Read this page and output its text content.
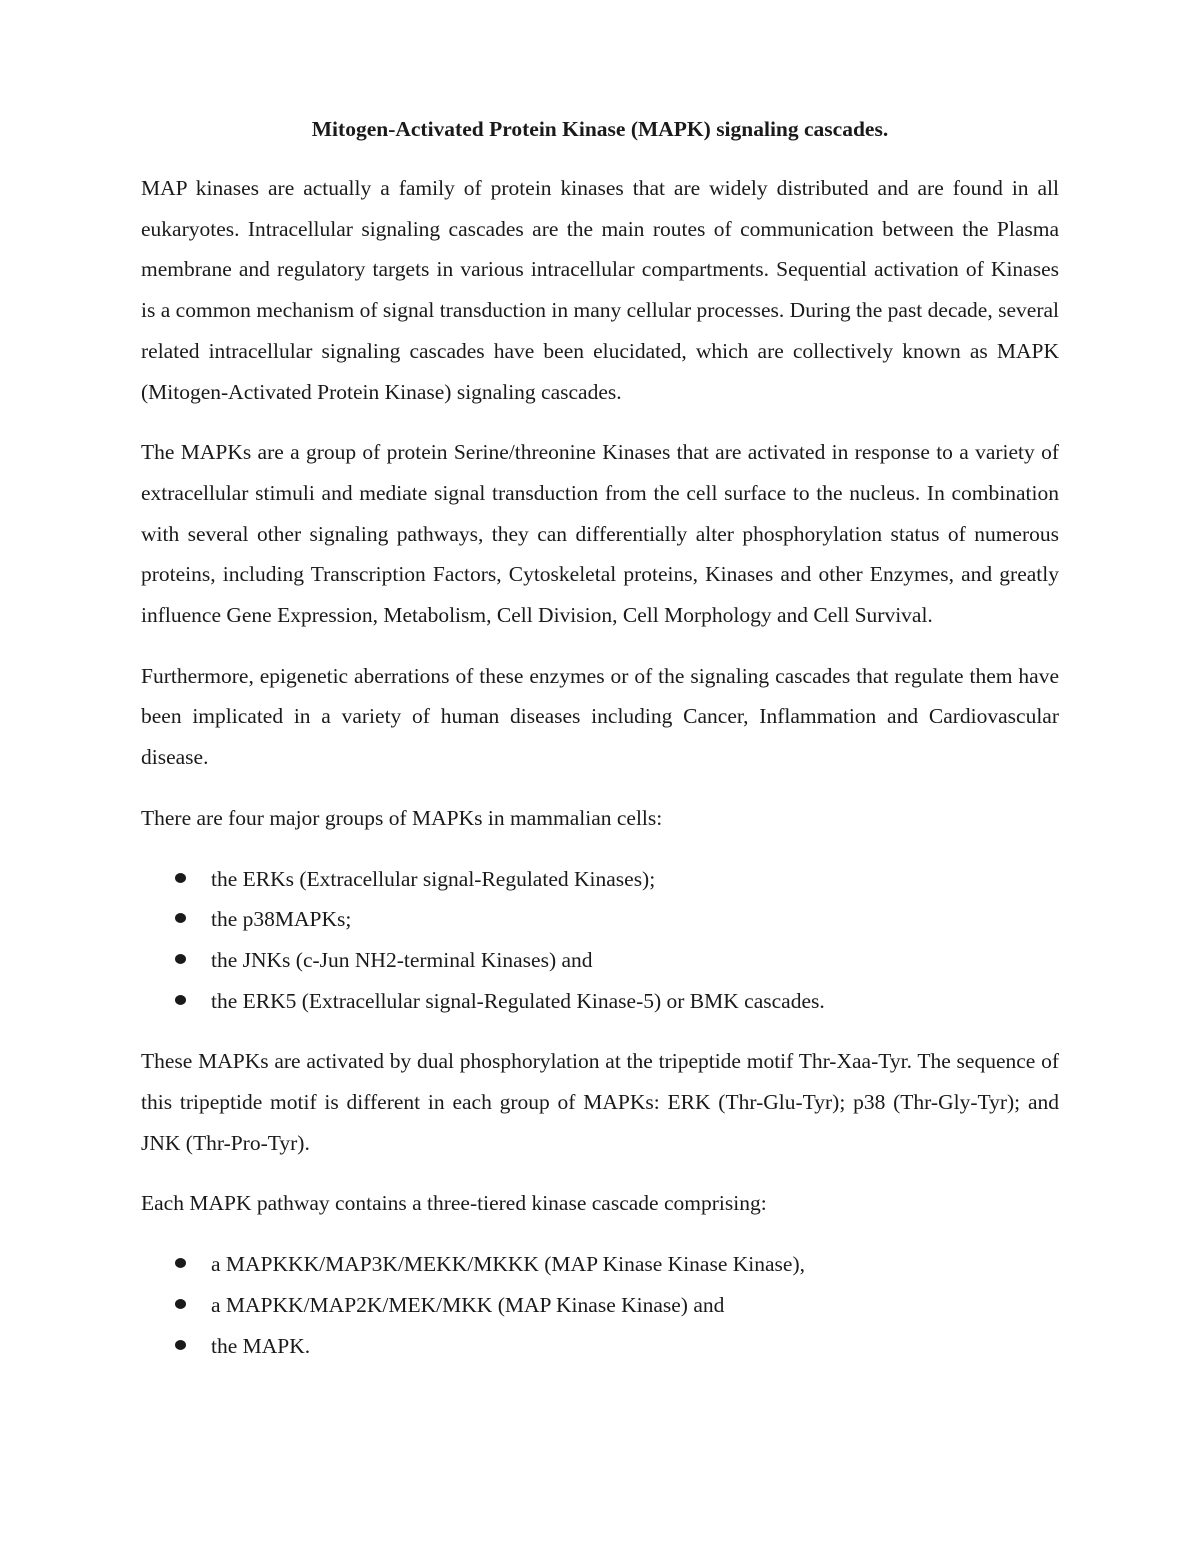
Mitogen-Activated Protein Kinase (MAPK) signaling cascades.

MAP kinases are actually a family of protein kinases that are widely distributed and are found in all eukaryotes. Intracellular signaling cascades are the main routes of communication between the Plasma membrane and regulatory targets in various intracellular compartments. Sequential activation of Kinases is a common mechanism of signal transduction in many cellular processes. During the past decade, several related intracellular signaling cascades have been elucidated, which are collectively known as MAPK (Mitogen-Activated Protein Kinase) signaling cascades.

The MAPKs are a group of protein Serine/threonine Kinases that are activated in response to a variety of extracellular stimuli and mediate signal transduction from the cell surface to the nucleus. In combination with several other signaling pathways, they can differentially alter phosphorylation status of numerous proteins, including Transcription Factors, Cytoskeletal proteins, Kinases and other Enzymes, and greatly influence Gene Expression, Metabolism, Cell Division, Cell Morphology and Cell Survival.

Furthermore, epigenetic aberrations of these enzymes or of the signaling cascades that regulate them have been implicated in a variety of human diseases including Cancer, Inflammation and Cardiovascular disease.

There are four major groups of MAPKs in mammalian cells:

the ERKs (Extracellular signal-Regulated Kinases);
the p38MAPKs;
the JNKs (c-Jun NH2-terminal Kinases) and
the ERK5 (Extracellular signal-Regulated Kinase-5) or BMK cascades.

These MAPKs are activated by dual phosphorylation at the tripeptide motif Thr-Xaa-Tyr. The sequence of this tripeptide motif is different in each group of MAPKs: ERK (Thr-Glu-Tyr); p38 (Thr-Gly-Tyr); and JNK (Thr-Pro-Tyr).

Each MAPK pathway contains a three-tiered kinase cascade comprising:

a MAPKKK/MAP3K/MEKK/MKKK (MAP Kinase Kinase Kinase),
a MAPKK/MAP2K/MEK/MKK (MAP Kinase Kinase) and
the MAPK.
